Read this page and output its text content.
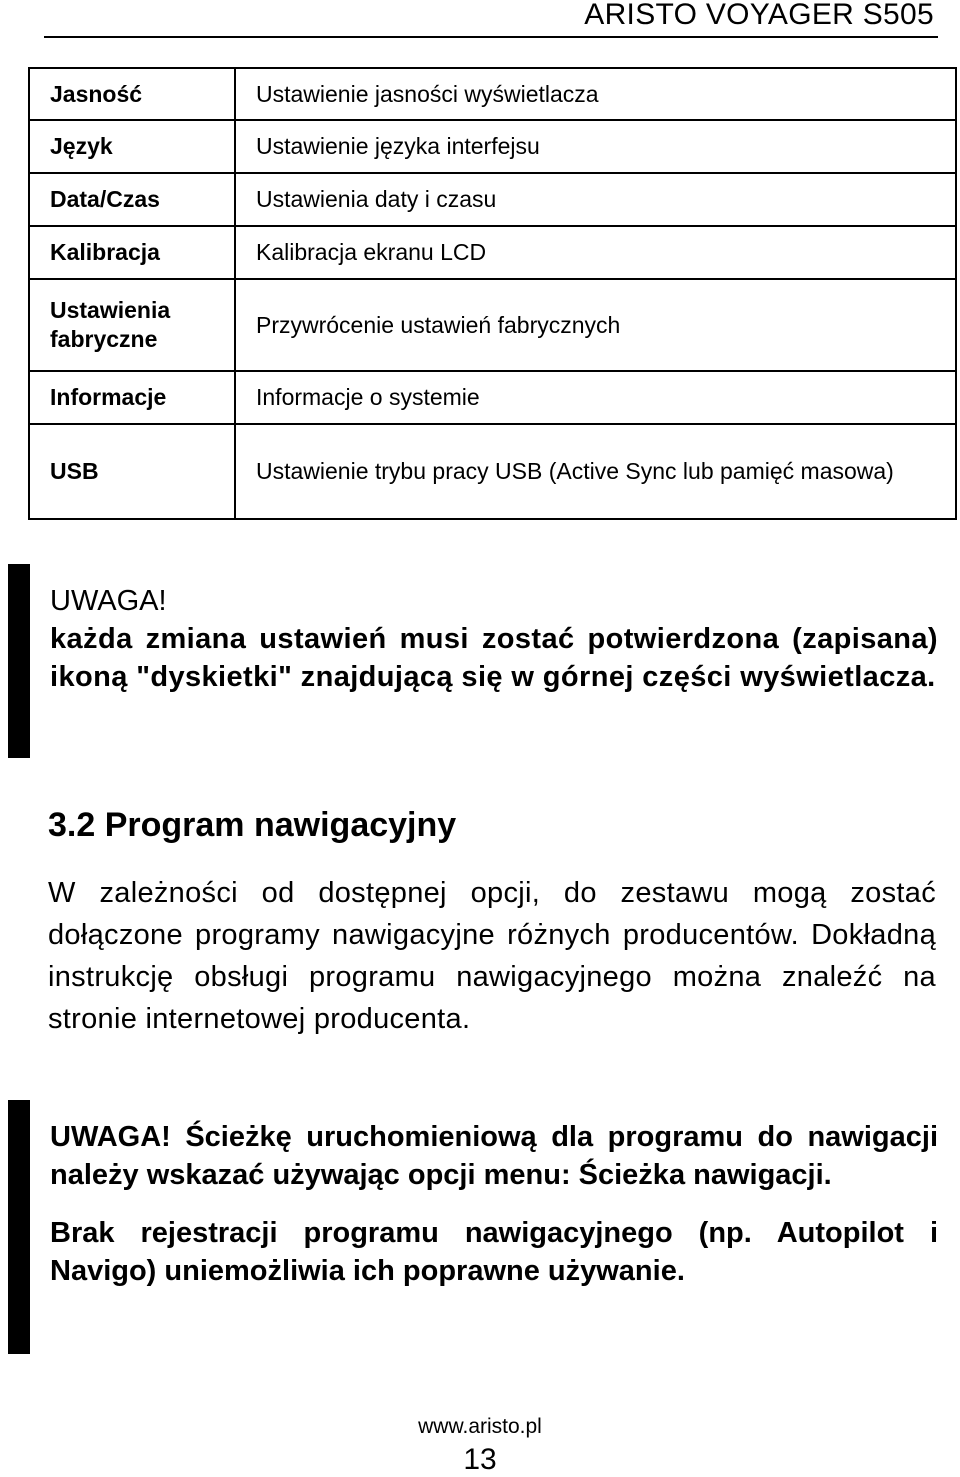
ARISTO VOYAGER S505
Jasność	Ustawienie jasności wyświetlacza
Język	Ustawienie języka interfejsu
Data/Czas	Ustawienia daty i czasu
Kalibracja	Kalibracja ekranu LCD
Ustawienia fabryczne	Przywrócenie ustawień fabrycznych
Informacje	Informacje o systemie
USB	Ustawienie trybu pracy USB (Active Sync lub pamięć masowa)
UWAGA!
każda zmiana ustawień musi zostać potwierdzona (zapisana) ikoną "dyskietki" znajdującą się w górnej części wyświetlacza.
3.2 Program nawigacyjny
W zależności od dostępnej opcji, do zestawu mogą zostać dołączone programy nawigacyjne różnych producentów. Dokładną instrukcję obsługi programu nawigacyjnego można znaleźć na stronie internetowej producenta.
UWAGA! Ścieżkę uruchomieniową dla programu do nawigacji należy wskazać używając opcji menu: Ścieżka nawigacji.
Brak rejestracji programu nawigacyjnego (np. Autopilot i Navigo) uniemożliwia ich poprawne używanie.
www.aristo.pl
13
